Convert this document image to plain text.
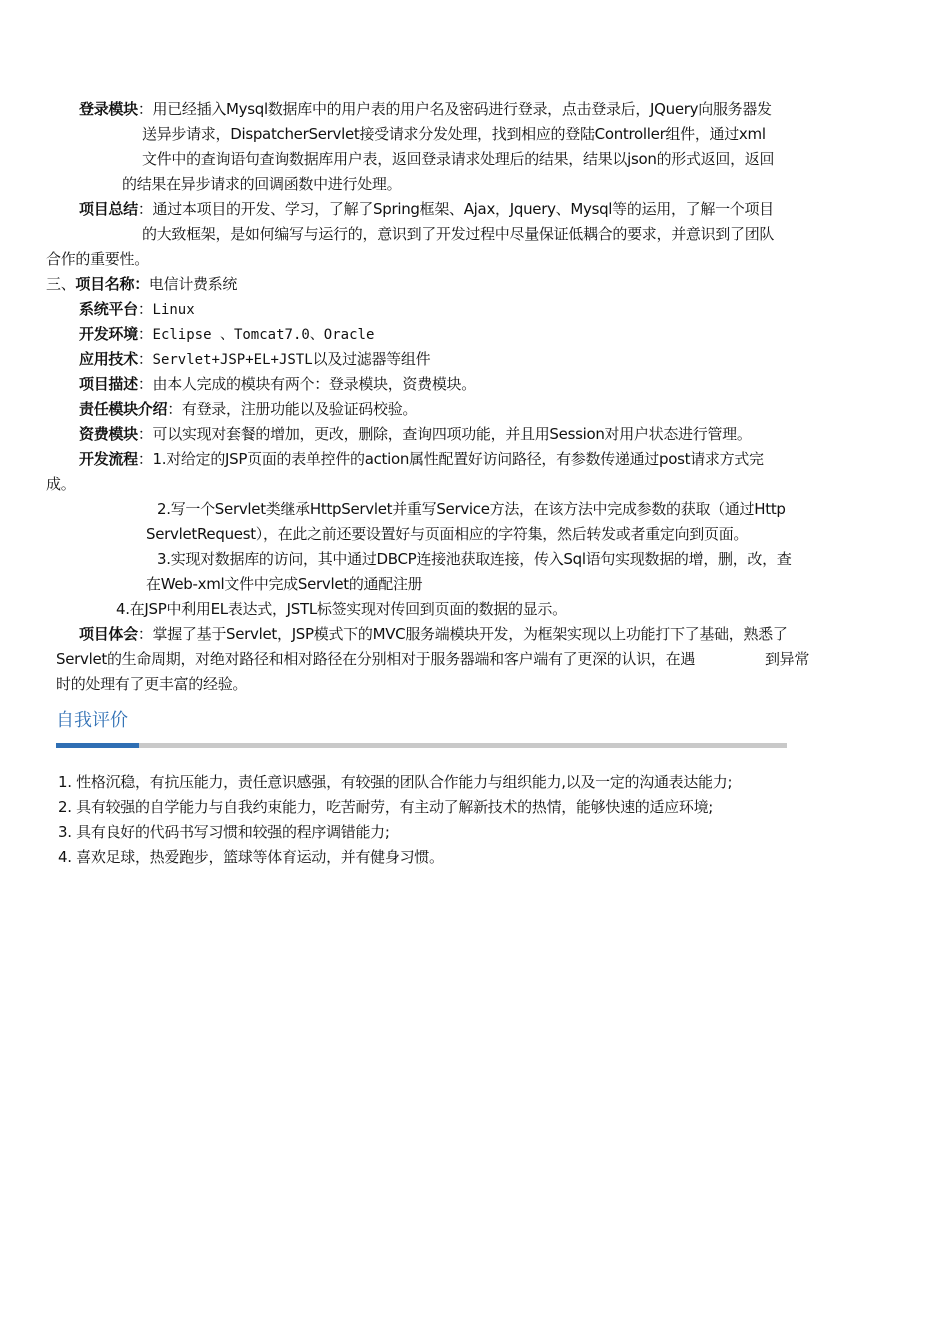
登录模块：用已经插入Mysql数据库中的用户表的用户名及密码进行登录，点击登录后，JQuery向服务器发
送异步请求，DispatcherServlet接受请求分发处理，找到相应的登陆Controller组件，通过xml
文件中的查询语句查询数据库用户表，返回登录请求处理后的结果，结果以json的形式返回，返回
的结果在异步请求的回调函数中进行处理。
项目总结：通过本项目的开发、学习，了解了Spring框架、Ajax，Jquery、Mysql等的运用，了解一个项目
的大致框架，是如何编写与运行的，意识到了开发过程中尽量保证低耦合的要求，并意识到了团队
合作的重要性。
三、项目名称：电信计费系统
系统平台：Linux
开发环境：Eclipse 、Tomcat7.0、Oracle
应用技术：Servlet+JSP+EL+JSTL以及过滤器等组件
项目描述：由本人完成的模块有两个：登录模块，资费模块。
责任模块介绍：有登录，注册功能以及验证码校验。
资费模块：可以实现对套餐的增加，更改，删除，查询四项功能，并且用Session对用户状态进行管理。
开发流程：1.对给定的JSP页面的表单控件的action属性配置好访问路径，有参数传递通过post请求方式完
成。
2.写一个Servlet类继承HttpServlet并重写Service方法，在该方法中完成参数的获取（通过Http
ServletRequest），在此之前还要设置好与页面相应的字符集，然后转发或者重定向到页面。
3.实现对数据库的访问，其中通过DBCP连接池获取连接，传入Sql语句实现数据的增，删，改，查
在Web-xml文件中完成Servlet的通配注册
4.在JSP中利用EL表达式，JSTL标签实现对传回到页面的数据的显示。
项目体会：掌握了基于Servlet，JSP模式下的MVC服务端模块开发，为框架实现以上功能打下了基础，熟悉了
Servlet的生命周期，对绝对路径和相对路径在分别相对于服务器端和客户端有了更深的认识，在遇	到异常
时的处理有了更丰富的经验。
自我评价
1. 性格沉稳，有抗压能力，责任意识感强，有较强的团队合作能力与组织能力,以及一定的沟通表达能力;
2. 具有较强的自学能力与自我约束能力，吃苦耐劳，有主动了解新技术的热情，能够快速的适应环境;
3. 具有良好的代码书写习惯和较强的程序调错能力;
4. 喜欢足球，热爱跑步，篮球等体育运动，并有健身习惯。
